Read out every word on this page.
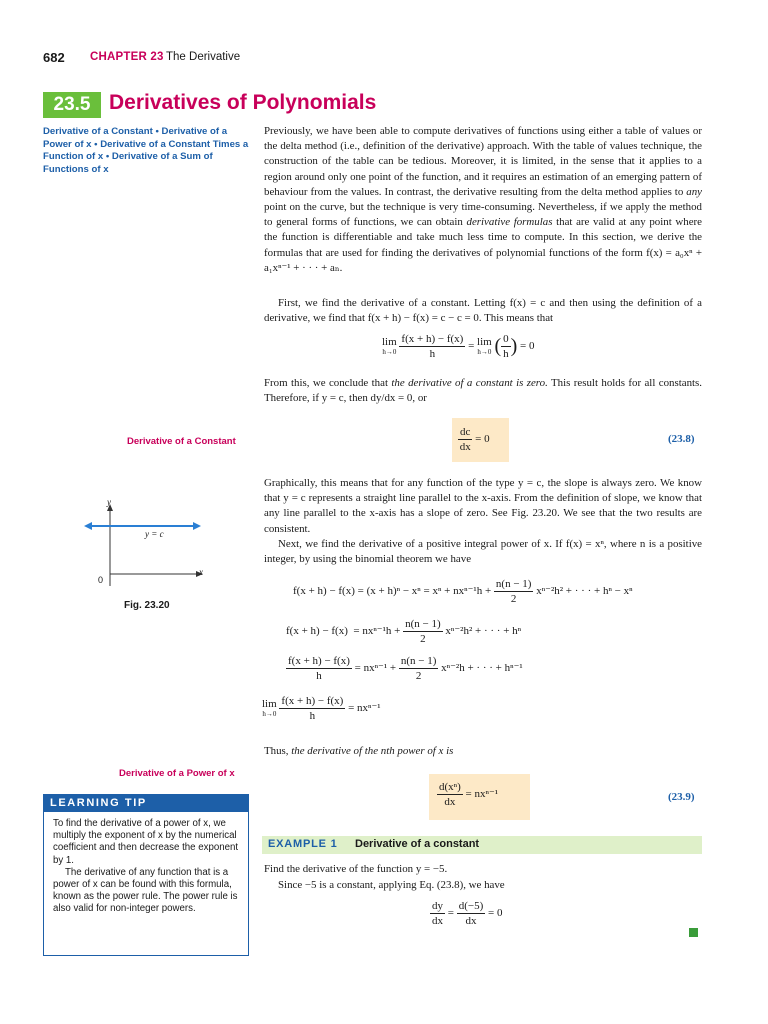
682 CHAPTER 23 The Derivative
23.5 Derivatives of Polynomials
Derivative of a Constant • Derivative of a Power of x • Derivative of a Constant Times a Function of x • Derivative of a Sum of Functions of x
Previously, we have been able to compute derivatives of functions using either a table of values or the delta method (i.e., definition of the derivative) approach. With the table of values technique, the construction of the table can be tedious. Moreover, it is limited, in the sense that it applies to a region around only one point of the function, and it requires an estimation of an emerging pattern of behaviour from the values. In contrast, the derivative resulting from the delta method applies to any point on the curve, but the technique is very time-consuming. Nevertheless, if we apply the method to general forms of functions, we can obtain derivative formulas that are valid at any point where the function is differentiable and take much less time to compute. In this section, we derive the formulas that are used for finding the derivatives of polynomial functions of the form f(x) = a₀xⁿ + a₁xⁿ⁻¹ + · · · + aₙ.
First, we find the derivative of a constant. Letting f(x) = c and then using the definition of a derivative, we find that f(x + h) − f(x) = c − c = 0. This means that
lim
h→0
$\frac{f(x + h) - f(x)}{h} = \lim$
h→0 ( $\frac{0}{h}$ ) = 0
From this, we conclude that the derivative of a constant is zero. This result holds for all constants. Therefore, if y = c, then dy/dx = 0, or
Derivative of a Constant	$\frac{dc}{dx} = 0$	(23.8)
Graphically, this means that for any function of the type y = c, the slope is always zero. We know that y = c represents a straight line parallel to the x-axis. From the definition of slope, we know that any line parallel to the x-axis has a slope of zero. See Fig. 23.20. We see that the two results are consistent.
Next, we find the derivative of a positive integral power of x. If f(x) = xⁿ, where n is a positive integer, by using the binomial theorem we have
y
x
0
y = c
Fig. 23.20
$f(x + h) - f(x) = (x + h)^n - x^n = x^n + nx^{n-1}h + \frac{n(n - 1)}{2} x^{n-2}h^2$ + · · · + hⁿ − xⁿ
$f(x + h) - f(x) = nx^{n-1}h + \frac{n(n - 1)}{2} x^{n-2}h^2$ + · · · + hⁿ
$\frac{f(x + h) - f(x)}{h} = nx^{n-1} + \frac{n(n - 1)}{2} x^{n-2}h$ + · · · + hⁿ⁻¹
lim
h→0
$\frac{f(x + h) - f(x)}{h} = nx^{n-1}$
Thus, the derivative of the nth power of x is
Derivative of a Power of x
$\frac{\text{d(xⁿ)}}{dx} = nx^{n-1}$	(23.9)
LEARNING TIP
To find the derivative of a power of x, we multiply the exponent of x by the numerical coefficient and then decrease the exponent by 1.
The derivative of any function that is a power of x can be found with this formula, known as the power rule. The power rule is also valid for non-integer powers.
EXAMPLE 1 Derivative of a constant
Find the derivative of the function y = −5.
Since −5 is a constant, applying Eq. (23.8), we have
$\frac{dy}{dx} = \frac{d(-5)}{dx} = 0$
